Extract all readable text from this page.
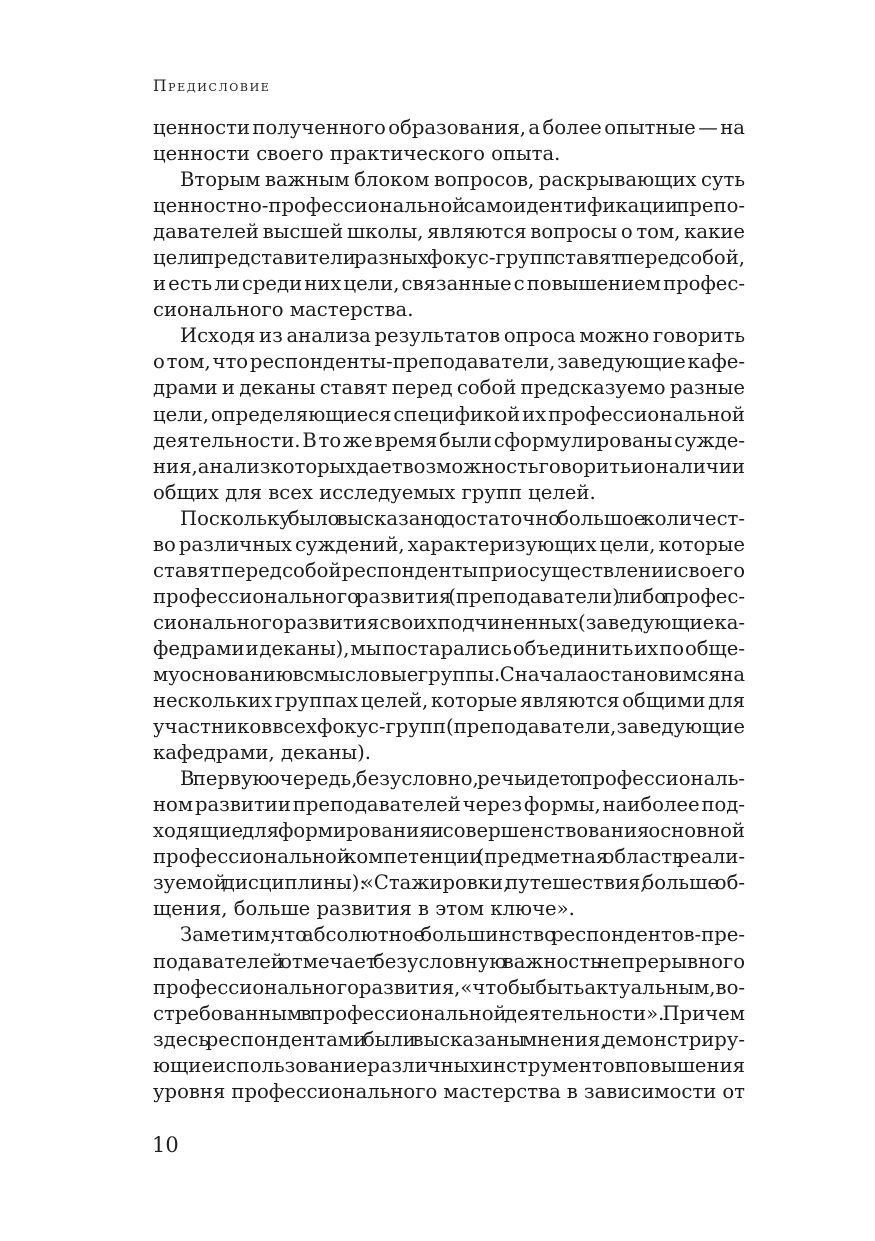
Предисловие

ценности полученного образования, а более опытные — на
ценности своего практического опыта.
Вторым важным блоком вопросов, раскрывающих суть
ценностно-профессиональной самоидентификации препо-
давателей высшей школы, являются вопросы о том, какие
цели представители разных фокус-групп ставят перед собой,
и есть ли среди них цели, связанные с повышением профес-
сионального мастерства.
Исходя из анализа результатов опроса можно говорить
о том, что респонденты-преподаватели, заведующие кафе-
драми и деканы ставят перед собой предсказуемо разные
цели, определяющиеся спецификой их профессиональной
деятельности. В то же время были сформулированы сужде-
ния, анализ которых дает возможность говорить и о наличии
общих для всех исследуемых групп целей.
Поскольку было высказано достаточно большое количест-
во различных суждений, характеризующих цели, которые
ставят перед собой респонденты при осуществлении своего
профессионального развития (преподаватели) либо профес-
сионального развития своих подчиненных (заведующие ка-
федрами и деканы), мы постарались объединить их по обще-
му основанию в смысловые группы. Сначала остановимся на
нескольких группах целей, которые являются общими для
участников всех фокус-групп (преподаватели, заведующие
кафедрами, деканы).
В первую очередь, безусловно, речь идет о профессиональ-
ном развитии преподавателей через формы, наиболее под-
ходящие для формирования и совершенствования основной
профессиональной компетенции (предметная область реали-
зуемой дисциплины): «Стажировки, путешествия, больше об-
щения, больше развития в этом ключе».
Заметим, что абсолютное большинство респондентов-пре-
подавателей отмечает безусловную важность непрерывного
профессионального развития, «чтобы быть актуальным, во-
стребованным в профессиональной деятельности». Причем
здесь респондентами были высказаны мнения, демонстриру-
ющие использование различных инструментов повышения
уровня профессионального мастерства в зависимости от

10
